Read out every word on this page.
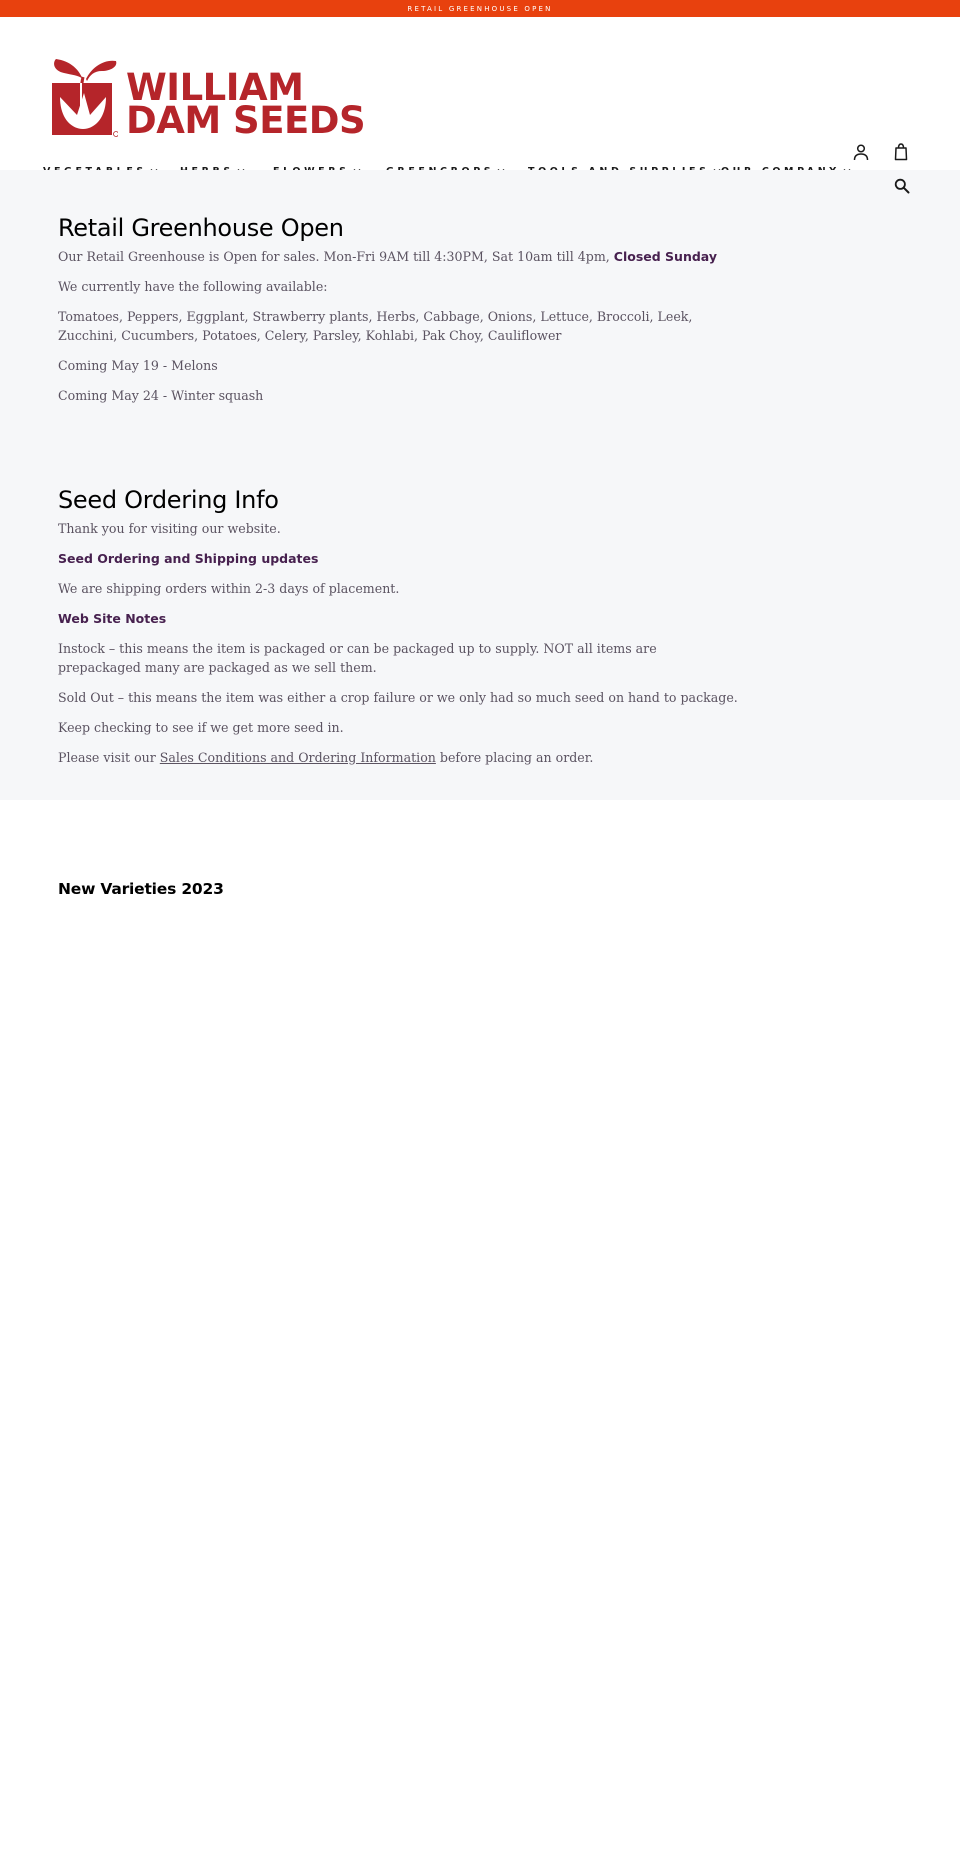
RETAIL GREENHOUSE OPEN
WILLIAM
DAM SEEDS
Retail Greenhouse Open

Our Retail Greenhouse is Open for sales. Mon-Fri 9AM till 4:30PM, Sat 10am till 4pm, Closed Sunday

We currently have the following available:

Tomatoes, Peppers, Eggplant, Strawberry plants, Herbs, Cabbage, Onions, Lettuce, Broccoli, Leek, Zucchini, Cucumbers, Potatoes, Celery, Parsley, Kohlabi, Pak Choy, Cauliflower

Coming May 19 - Melons

Coming May 24 - Winter squash

Seed Ordering Info

Thank you for visiting our website.

Seed Ordering and Shipping updates

We are shipping orders within 2-3 days of placement.

Web Site Notes

Instock – this means the item is packaged or can be packaged up to supply. NOT all items are prepackaged many are packaged as we sell them.

Sold Out – this means the item was either a crop failure or we only had so much seed on hand to package.

Keep checking to see if we get more seed in.

Please visit our Sales Conditions and Ordering Information before placing an order.

New Varieties 2023
